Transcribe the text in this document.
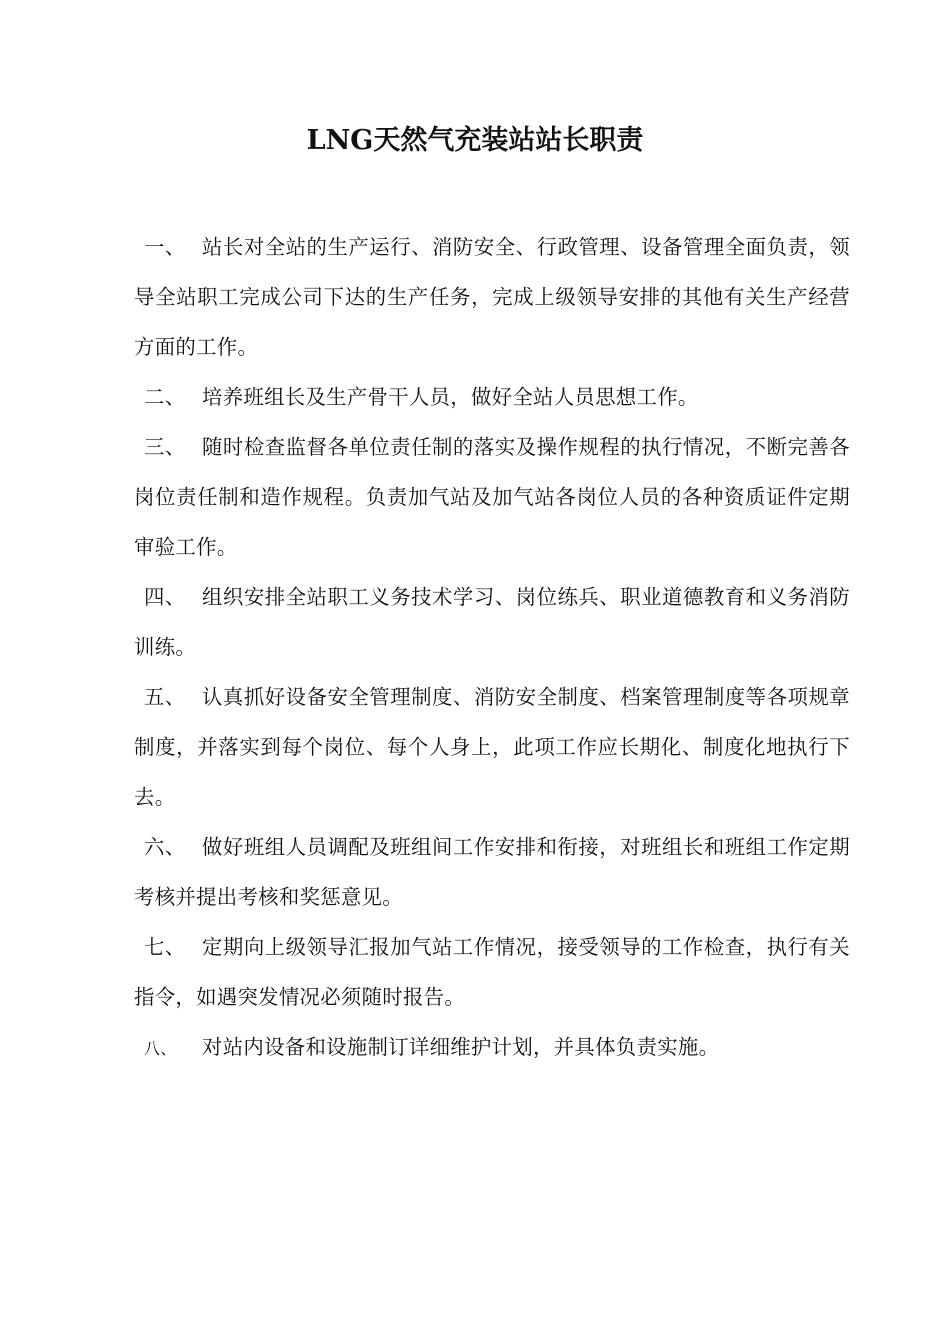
LNG天然气充装站站长职责
一、 站长对全站的生产运行、消防安全、行政管理、设备管理全面负责，领导全站职工完成公司下达的生产任务，完成上级领导安排的其他有关生产经营方面的工作。
二、 培养班组长及生产骨干人员，做好全站人员思想工作。
三、 随时检查监督各单位责任制的落实及操作规程的执行情况，不断完善各岗位责任制和造作规程。负责加气站及加气站各岗位人员的各种资质证件定期审验工作。
四、 组织安排全站职工义务技术学习、岗位练兵、职业道德教育和义务消防训练。
五、 认真抓好设备安全管理制度、消防安全制度、档案管理制度等各项规章制度，并落实到每个岗位、每个人身上，此项工作应长期化、制度化地执行下去。
六、 做好班组人员调配及班组间工作安排和衔接，对班组长和班组工作定期考核并提出考核和奖惩意见。
七、 定期向上级领导汇报加气站工作情况，接受领导的工作检查，执行有关指令，如遇突发情况必须随时报告。
八、 对站内设备和设施制订详细维护计划，并具体负责实施。
